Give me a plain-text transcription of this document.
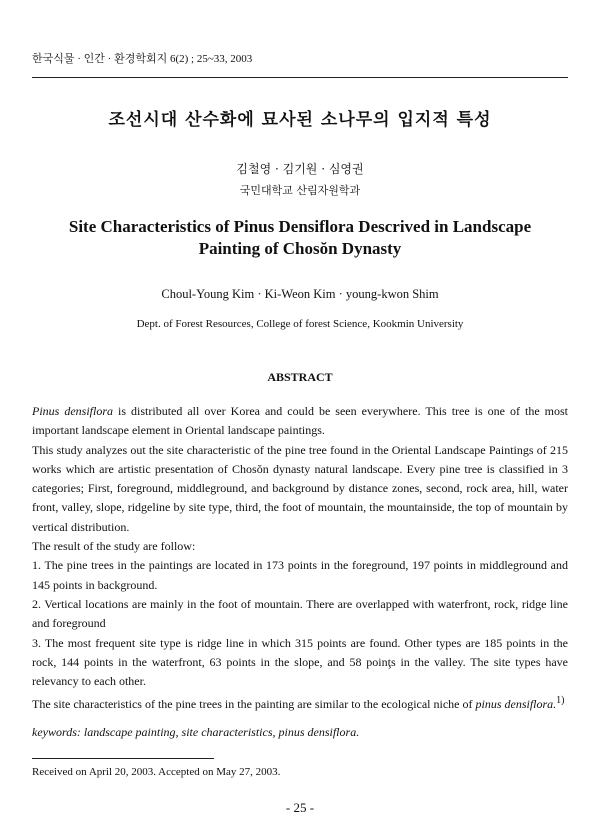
한국식물 · 인간 · 환경학회지 6(2) ; 25~33, 2003
조선시대 산수화에 묘사된 소나무의 입지적 특성
김철영 · 김기원 · 심영권
국민대학교 산림자원학과
Site Characteristics of Pinus Densiflora Descrived in Landscape Painting of Chosŏn Dynasty
Choul-Young Kim · Ki-Weon Kim · young-kwon Shim
Dept. of Forest Resources, College of forest Science, Kookmin University
ABSTRACT

Pinus densiflora is distributed all over Korea and could be seen everywhere. This tree is one of the most important landscape element in Oriental landscape paintings.

This study analyzes out the site characteristic of the pine tree found in the Oriental Landscape Paintings of 215 works which are artistic presentation of Chosŏn dynasty natural landscape. Every pine tree is classified in 3 categories; First, foreground, middleground, and background by distance zones, second, rock area, hill, water front, valley, slope, ridgeline by site type, third, the foot of mountain, the mountainside, the top of mountain by vertical distribution.

The result of the study are follow:

1. The pine trees in the paintings are located in 173 points in the foreground, 197 points in middleground and 145 points in background.

2. Vertical locations are mainly in the foot of mountain. There are overlapped with waterfront, rock, ridge line and foreground

3. The most frequent site type is ridge line in which 315 points are found. Other types are 185 points in the rock, 144 points in the waterfront, 63 points in the slope, and 58 poinţs in the valley. The site types have relevancy to each other.

The site characteristics of the pine trees in the painting are similar to the ecological niche of pinus densiflora.$^{1)}$

keywords: landscape painting, site characteristics, pinus densiflora.
Received on April 20, 2003. Accepted on May 27, 2003.
- 25 -
